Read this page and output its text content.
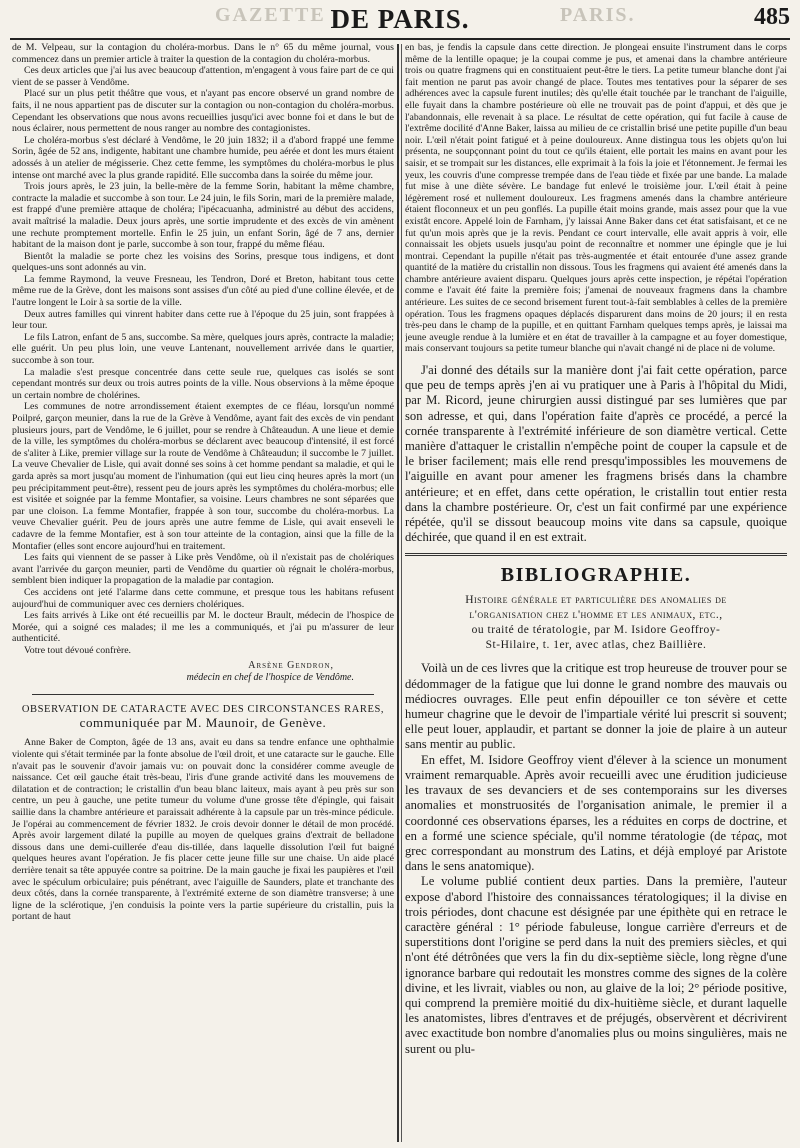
GAZETTE	PARIS.
DE PARIS.	485

de M. Velpeau, sur la contagion du choléra-morbus. Dans le n° 65 du même journal, vous commencez dans un premier article à traiter la question de la contagion du choléra-morbus.

Ces deux articles que j'ai lus avec beaucoup d'attention, m'engagent à vous faire part de ce qui vient de se passer à Vendôme.

Placé sur un plus petit théâtre que vous, et n'ayant pas encore observé un grand nombre de faits, il ne nous appartient pas de discuter sur la contagion ou non-contagion du choléra-morbus. Cependant les observations que nous avons recueillies jusqu'ici avec bonne foi et dans le but de nous éclairer, nous permettent de nous ranger au nombre des contagionistes.

Le choléra-morbus s'est déclaré à Vendôme, le 20 juin 1832; il a d'abord frappé une femme Sorin, âgée de 52 ans, indigente, habitant une chambre humide, peu aérée et dont les murs étaient adossés à un atelier de mégisserie. Chez cette femme, les symptômes du choléra-morbus le plus intense ont marché avec la plus grande rapidité. Elle succomba dans la soirée du même jour.

Trois jours après, le 23 juin, la belle-mère de la femme Sorin, habitant la même chambre, contracte la maladie et succombe à son tour. Le 24 juin, le fils Sorin, mari de la première malade, est frappé d'une première attaque de choléra; l'ipécacuanha, administré au début des accidens, avait maîtrisé la maladie. Deux jours après, une sortie imprudente et des excès de vin amènent une rechute promptement mortelle. Enfin le 25 juin, un enfant Sorin, âgé de 7 ans, dernier habitant de la maison dont je parle, succombe à son tour, frappé du même fléau.

Bientôt la maladie se porte chez les voisins des Sorins, presque tous indigens, et dont quelques-uns sont adonnés au vin.

La femme Raymond, la veuve Fresneau, les Tendron, Doré et Breton, habitant tous cette même rue de la Grève, dont les maisons sont assises d'un côté au pied d'une colline élevée, et de l'autre longent le Loir à sa sortie de la ville.

Deux autres familles qui vinrent habiter dans cette rue à l'époque du 25 juin, sont frappées à leur tour.

Le fils Latron, enfant de 5 ans, succombe. Sa mère, quelques jours après, contracte la maladie; elle guérit. Un peu plus loin, une veuve Lantenant, nouvellement arrivée dans le quartier, succombe à son tour.

La maladie s'est presque concentrée dans cette seule rue, quelques cas isolés se sont cependant montrés sur deux ou trois autres points de la ville. Nous observions à la même époque un certain nombre de cholérines.

Les communes de notre arrondissement étaient exemptes de ce fléau, lorsqu'un nommé Poilpré, garçon meunier, dans la rue de la Grève à Vendôme, ayant fait des excès de vin pendant plusieurs jours, part de Vendôme, le 6 juillet, pour se rendre à Châteaudun. A une lieue et demie de la ville, les symptômes du choléra-morbus se déclarent avec beaucoup d'intensité, il est forcé de s'aliter à Like, premier village sur la route de Vendôme à Châteaudun; il succombe le 7 juillet. La veuve Chevalier de Lisle, qui avait donné ses soins à cet homme pendant sa maladie, et qui le garda après sa mort jusqu'au moment de l'inhumation (qui eut lieu cinq heures après la mort (un peu précipitamment peut-être), ressent peu de jours après les symptômes du choléra-morbus; elle est visitée et soignée par la femme Montafier, sa voisine. Leurs chambres ne sont séparées que par une cloison. La femme Montafier, frappée à son tour, succombe du choléra-morbus. La veuve Chevalier guérit. Peu de jours après une autre femme de Lisle, qui avait enseveli le cadavre de la femme Montafier, est à son tour atteinte de la contagion, ainsi que la fille de la Montafier (elles sont encore aujourd'hui en traitement.

Les faits qui viennent de se passer à Like près Vendôme, où il n'existait pas de cholériques avant l'arrivée du garçon meunier, parti de Vendôme du quartier où régnait le choléra-morbus, semblent bien indiquer la propagation de la maladie par contagion.

Ces accidens ont jeté l'alarme dans cette commune, et presque tous les habitans refusent aujourd'hui de communiquer avec ces derniers cholériques.

Les faits arrivés à Like ont été recueillis par M. le docteur Brault, médecin de l'hospice de Morée, qui a soigné ces malades; il me les a communiqués, et j'ai pu m'assurer de leur authenticité.

Votre tout dévoué confrère.

Arsène Gendron,
médecin en chef de l'hospice de Vendôme.
OBSERVATION DE CATARACTE AVEC DES CIRCONSTANCES RARES,
communiquée par M. Maunoir, de Genève.

Anne Baker de Compton, âgée de 13 ans, avait eu dans sa tendre enfance une ophthalmie violente qui s'était terminée par la fonte absolue de l'œil droit, et une cataracte sur le gauche. Elle n'avait pas le souvenir d'avoir jamais vu: on pouvait donc la considérer comme aveugle de naissance. Cet œil gauche était très-beau, l'iris d'une grande activité dans les mouvemens de dilatation et de contraction; le cristallin d'un beau blanc laiteux, mais ayant à peu près sur son centre, un peu à gauche, une petite tumeur du volume d'une grosse tête d'épingle, qui faisait saillie dans la chambre antérieure et paraissait adhérente à la capsule par un très-mince pédicule. Je l'opérai au commencement de février 1832. Je crois devoir donner le détail de mon procédé. Après avoir largement dilaté la pupille au moyen de quelques grains d'extrait de belladone dissous dans une demi-cuillerée d'eau dis-tillée, dans laquelle dissolution l'œil fut baigné quelques heures avant l'opération. Je fis placer cette jeune fille sur une chaise. Un aide placé derrière tenait sa tête appuyée contre sa poitrine. De la main gauche je fixai les paupières et l'œil avec le spéculum orbiculaire; puis pénétrant, avec l'aiguille de Saunders, plate et tranchante des deux côtés, dans la cornée transparente, à l'extrémité externe de son diamètre transverse; à une ligne de la sclérotique, j'en conduisis la pointe vers la partie supérieure du cristallin, puis la portant de haut

en bas, je fendis la capsule dans cette direction. Je plongeai ensuite l'instrument dans le corps même de la lentille opaque; je la coupai comme je pus, et amenai dans la chambre antérieure trois ou quatre fragmens qui en constituaient peut-être le tiers. La petite tumeur blanche dont j'ai fait mention ne parut pas avoir changé de place. Toutes mes tentatives pour la séparer de ses adhérences avec la capsule furent inutiles; dès qu'elle était touchée par le tranchant de l'aiguille, elle fuyait dans la chambre postérieure où elle ne trouvait pas de point d'appui, et dès que je l'abandonnais, elle revenait à sa place. Le résultat de cette opération, qui fut facile à cause de l'extrême docilité d'Anne Baker, laissa au milieu de ce cristallin brisé une petite pupille d'un beau noir. L'œil n'était point fatigué et à peine douloureux. Anne distingua tous les objets qu'on lui présenta, ne soupçonnant point du tout ce qu'ils étaient, elle portait les mains en avant pour les saisir, et se trompait sur les distances, elle exprimait à la fois la joie et l'étonnement. Je fermai les yeux, les couvris d'une compresse trempée dans de l'eau tiède et fixée par une bande. La malade fut mise à une diète sévère. Le bandage fut enlevé le troisième jour. L'œil était à peine légèrement rosé et nullement douloureux. Les fragmens amenés dans la chambre antérieure étaient floconneux et un peu gonflés. La pupille était moins grande, mais assez pour que la vue existât encore. Appelé loin de Farnham, j'y laissai Anne Baker dans cet état satisfaisant, et ce ne fut qu'un mois après que je la revis. Pendant ce court intervalle, elle avait appris à voir, elle connaissait les objets usuels jusqu'au point de reconnaître et nommer une épingle que je lui montrai. Cependant la pupille n'était pas très-augmentée et était entourée d'une assez grande quantité de la matière du cristallin non dissous. Tous les fragmens qui avaient été amenés dans la chambre antérieure avaient disparu. Quelques jours après cette inspection, je répétai l'opération comme e l'avait été faite la première fois; j'amenai de nouveaux fragmens dans la chambre antérieure. Les suites de ce second brisement furent tout-à-fait semblables à celles de la première opération. Tous les fragmens opaques déplacés disparurent dans moins de 20 jours; il en resta très-peu dans le champ de la pupille, et en quittant Farnham quelques temps après, je laissai ma jeune aveugle rendue à la lumière et en état de travailler à la campagne et au foyer domestique, mais conservant toujours sa petite tumeur blanche qui n'avait changé ni de place ni de volume.

J'ai donné des détails sur la manière dont j'ai fait cette opération, parce que peu de temps après j'en ai vu pratiquer une à Paris à l'hôpital du Midi, par M. Ricord, jeune chirurgien aussi distingué par ses lumières que par son adresse, et qui, dans l'opération faite d'après ce procédé, a percé la cornée transparente à l'extrémité inférieure de son diamètre vertical. Cette manière d'attaquer le cristallin n'empêche point de couper la capsule et de le briser facilement; mais elle rend presqu'impossibles les mouvemens de l'aiguille en avant pour amener les fragmens brisés dans la chambre antérieure; et en effet, dans cette opération, le cristallin tout entier resta dans la chambre postérieure. Or, c'est un fait confirmé par une expérience répétée, qu'il se dissout beaucoup moins vite dans sa capsule, quoique déchirée, que quand il en est extrait.

BIBLIOGRAPHIE.
Histoire générale et particulière des anomalies de
l'organisation chez l'homme et les animaux, etc.,
ou traité de tératologie, par M. Isidore Geoffroy-
St-Hilaire, t. 1er, avec atlas, chez Baillière.

Voilà un de ces livres que la critique est trop heureuse de trouver pour se dédommager de la fatigue que lui donne le grand nombre des mauvais ou médiocres ouvrages. Elle peut enfin dépouiller ce ton sévère et cette humeur chagrine que le devoir de l'impartiale vérité lui prescrit si souvent; elle peut louer, applaudir, et partant se donner la joie de plaire à un auteur sans mentir au public.

En effet, M. Isidore Geoffroy vient d'élever à la science un monument vraiment remarquable. Après avoir recueilli avec une érudition judicieuse les travaux de ses devanciers et de ses contemporains sur les diverses anomalies et monstruosités de l'organisation animale, le premier il a coordonné ces observations éparses, les a réduites en corps de doctrine, et en a formé une science spéciale, qu'il nomme tératologie (de τέρας, mot grec correspondant au monstrum des Latins, et déjà employé par Aristote dans le sens anatomique).

Le volume publié contient deux parties. Dans la première, l'auteur expose d'abord l'histoire des connaissances tératologiques; il la divise en trois périodes, dont chacune est désignée par une épithète qui en retrace le caractère général : 1° période fabuleuse, longue carrière d'erreurs et de superstitions dont l'origine se perd dans la nuit des premiers siècles, et qui n'ont été détrônées que vers la fin du dix-septième siècle, long règne d'une ignorance barbare qui redoutait les monstres comme des signes de la colère divine, et les livrait, viables ou non, au glaive de la loi; 2° période positive, qui comprend la première moitié du dix-huitième siècle, et durant laquelle les anatomistes, libres d'entraves et de préjugés, observèrent et décrivirent avec exactitude bon nombre d'anomalies plus ou moins singulières, mais ne surent ou plu-
